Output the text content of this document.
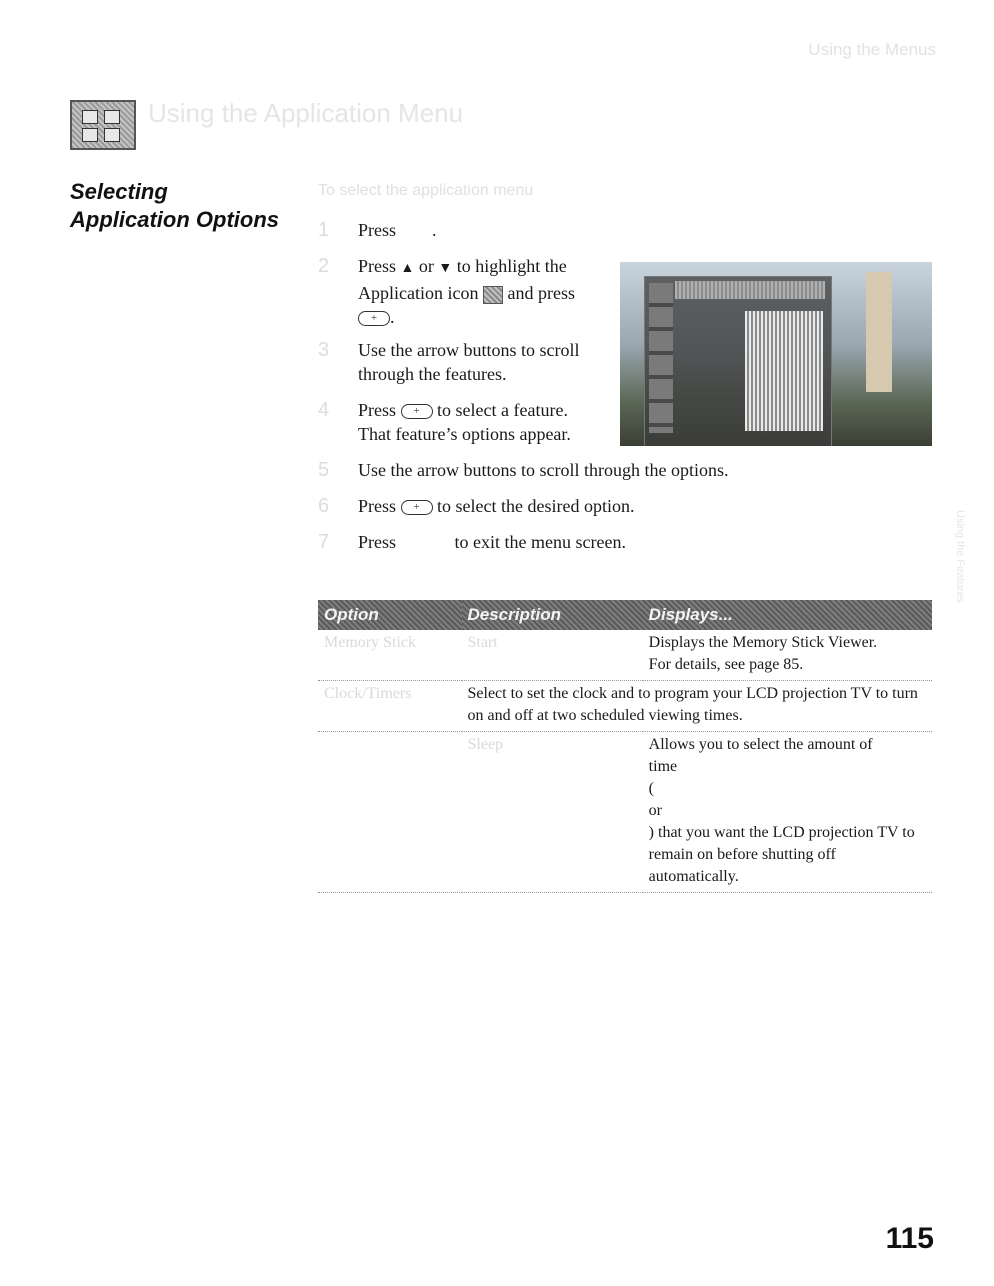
Using the Menus
Using the Application Menu
Selecting
Application Options
To select the application menu
1	Press .
2	Press ▲ or ▼ to highlight the
Application icon and press
+ .
3	Use the arrow buttons to scroll
through the features.
4	Press + to select a feature.
That feature’s options appear.
5	Use the arrow buttons to scroll through the options.
6	Press + to select the desired option.
7	Press	to exit the menu screen.
Option	Description	Displays...
Memory Stick	Start	Displays the Memory Stick Viewer.
For details, see page 85.
Clock/Timers	Select to set the clock and to program your LCD projection TV to turn on and off at two scheduled viewing times.	
	Sleep	Allows you to select the amount of
time (                                                                     or
) that you want the LCD projection TV to remain on before shutting off automatically.
Using the Features
115
